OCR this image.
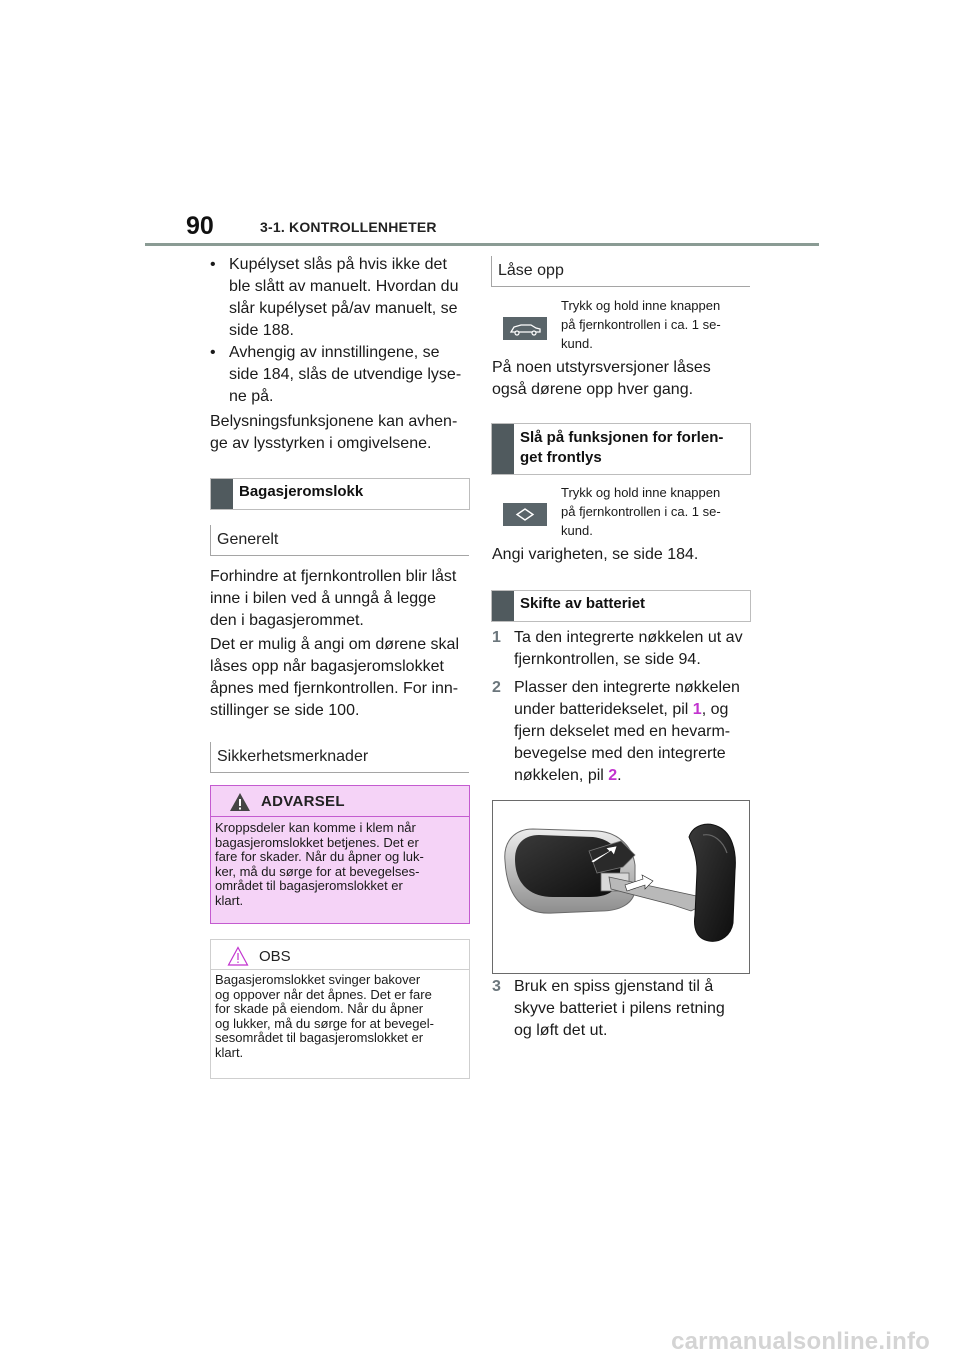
90	3-1. KONTROLLENHETER
• Kupélyset slås på hvis ikke det
ble slått av manuelt. Hvordan du
slår kupélyset på/av manuelt, se
side 188.
• Avhengig av innstillingene, se
side 184, slås de utvendige lyse-
ne på.
Belysningsfunksjonene kan avhen-
ge av lysstyrken i omgivelsene.
Bagasjeromslokk
Generelt
Forhindre at fjernkontrollen blir låst
inne i bilen ved å unngå å legge
den i bagasjerommet.
Det er mulig å angi om dørene skal
låses opp når bagasjeromslokket
åpnes med fjernkontrollen. For inn-
stillinger se side 100.
Sikkerhetsmerknader
ADVARSEL
Kroppsdeler kan komme i klem når
bagasjeromslokket betjenes. Det er
fare for skader. Når du åpner og luk-
ker, må du sørge for at bevegelses-
området til bagasjeromslokket er
klart.
OBS
Bagasjeromslokket svinger bakover
og oppover når det åpnes. Det er fare
for skade på eiendom. Når du åpner
og lukker, må du sørge for at bevegel-
sesområdet til bagasjeromslokket er
klart.
Låse opp
Trykk og hold inne knappen
på fjernkontrollen i ca. 1 se-
kund.
På noen utstyrsversjoner låses
også dørene opp hver gang.
Slå på funksjonen for forlen-
get frontlys
Trykk og hold inne knappen
på fjernkontrollen i ca. 1 se-
kund.
Angi varigheten, se side 184.
Skifte av batteriet
1 Ta den integrerte nøkkelen ut av
fjernkontrollen, se side 94.
2 Plasser den integrerte nøkkelen
under batteridekselet, pil 1, og
fjern dekselet med en hevarm-
bevegelse med den integrerte
nøkkelen, pil 2.
3 Bruk en spiss gjenstand til å
skyve batteriet i pilens retning
og løft det ut.
carmanualsonline.info
